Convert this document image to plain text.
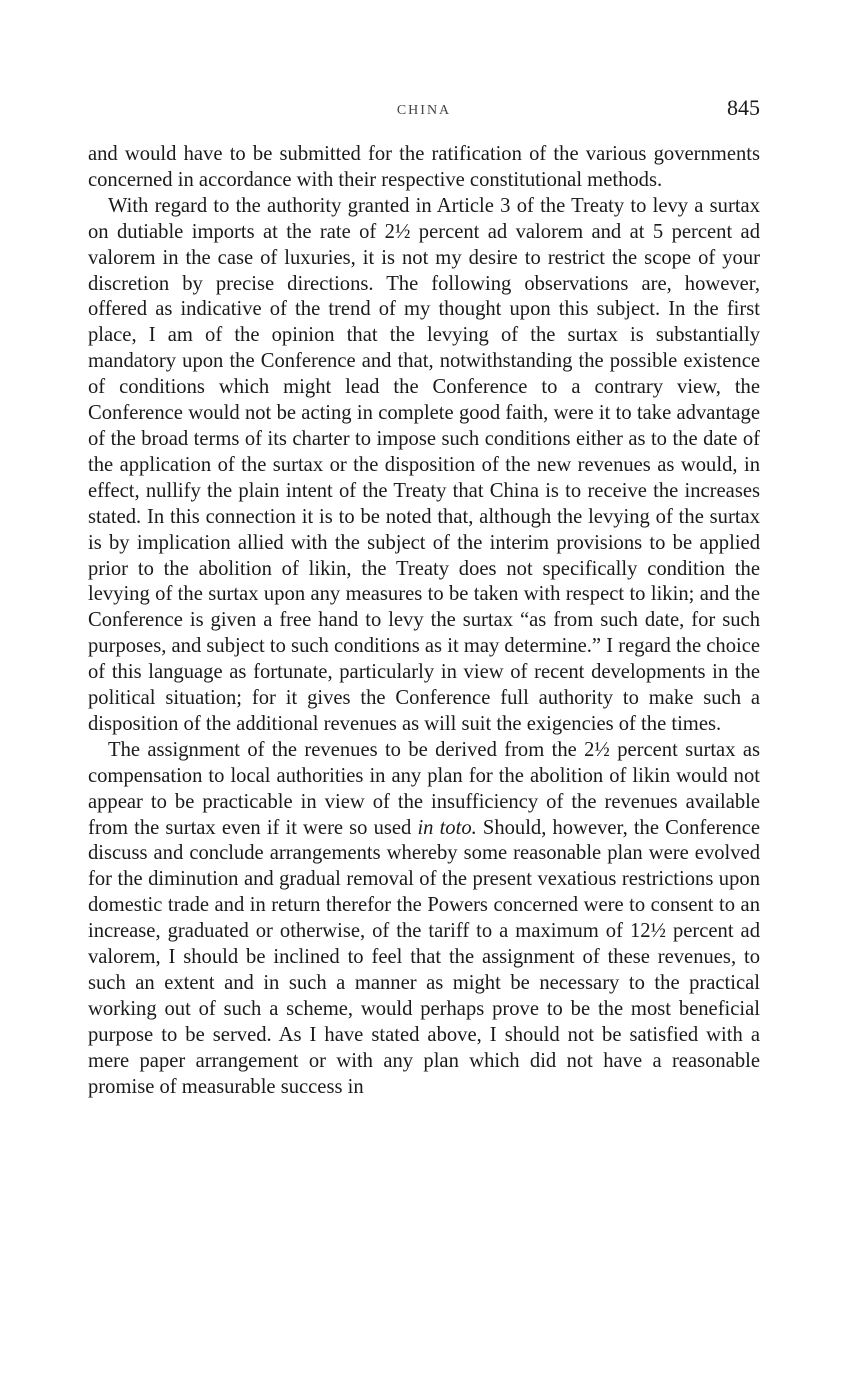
CHINA	845

and would have to be submitted for the ratification of the various governments concerned in accordance with their respective constitutional methods.

With regard to the authority granted in Article 3 of the Treaty to levy a surtax on dutiable imports at the rate of 2½ percent ad valorem and at 5 percent ad valorem in the case of luxuries, it is not my desire to restrict the scope of your discretion by precise directions. The following observations are, however, offered as indicative of the trend of my thought upon this subject. In the first place, I am of the opinion that the levying of the surtax is substantially mandatory upon the Conference and that, notwithstanding the possible existence of conditions which might lead the Conference to a contrary view, the Conference would not be acting in complete good faith, were it to take advantage of the broad terms of its charter to impose such conditions either as to the date of the application of the surtax or the disposition of the new revenues as would, in effect, nullify the plain intent of the Treaty that China is to receive the increases stated. In this connection it is to be noted that, although the levying of the surtax is by implication allied with the subject of the interim provisions to be applied prior to the abolition of likin, the Treaty does not specifically condition the levying of the surtax upon any measures to be taken with respect to likin; and the Conference is given a free hand to levy the surtax “as from such date, for such purposes, and subject to such conditions as it may determine.” I regard the choice of this language as fortunate, particularly in view of recent developments in the political situation; for it gives the Conference full authority to make such a disposition of the additional revenues as will suit the exigencies of the times.

The assignment of the revenues to be derived from the 2½ percent surtax as compensation to local authorities in any plan for the abolition of likin would not appear to be practicable in view of the insufficiency of the revenues available from the surtax even if it were so used in toto. Should, however, the Conference discuss and conclude arrangements whereby some reasonable plan were evolved for the diminution and gradual removal of the present vexatious restrictions upon domestic trade and in return therefor the Powers concerned were to consent to an increase, graduated or otherwise, of the tariff to a maximum of 12½ percent ad valorem, I should be inclined to feel that the assignment of these revenues, to such an extent and in such a manner as might be necessary to the practical working out of such a scheme, would perhaps prove to be the most beneficial purpose to be served. As I have stated above, I should not be satisfied with a mere paper arrangement or with any plan which did not have a reasonable promise of measurable success in
